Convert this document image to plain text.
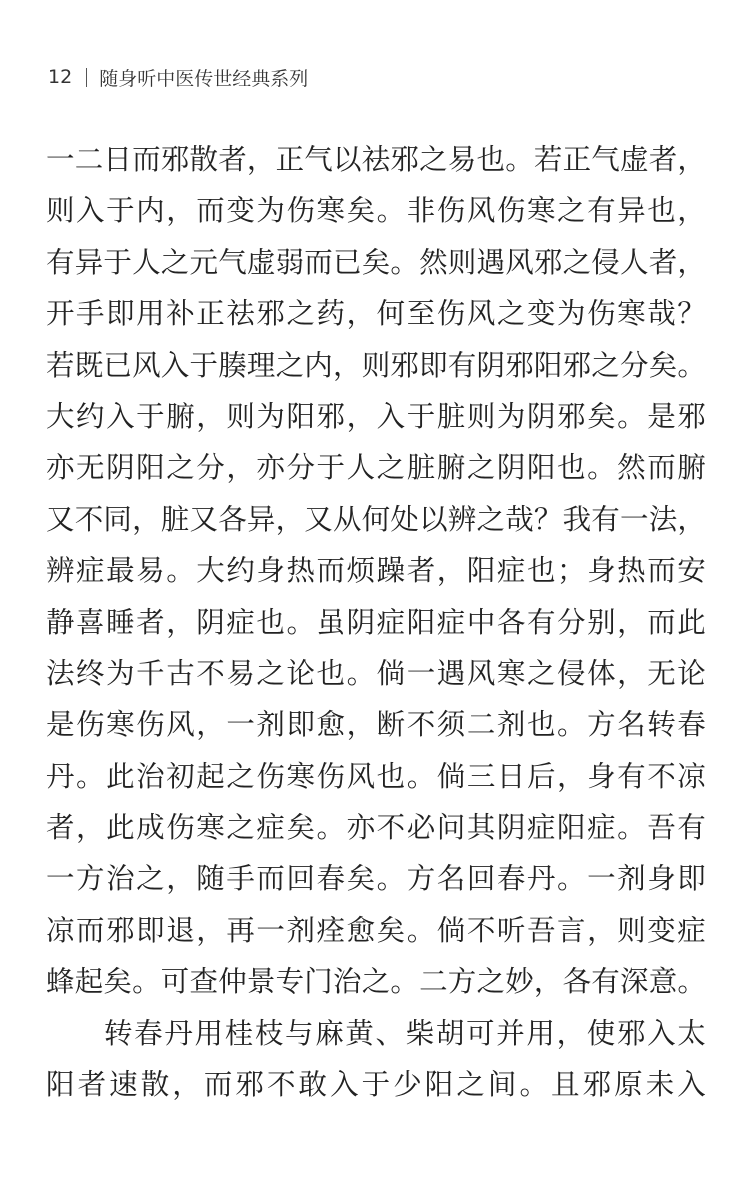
12 随身听中医传世经典系列
一二日而邪散者，正气以祛邪之易也。若正气虚者，
则入于内，而变为伤寒矣。非伤风伤寒之有异也，
有异于人之元气虚弱而已矣。然则遇风邪之侵人者，
开手即用补正祛邪之药，何至伤风之变为伤寒哉？
若既已风入于腠理之内，则邪即有阴邪阳邪之分矣。
大约入于腑，则为阳邪，入于脏则为阴邪矣。是邪
亦无阴阳之分，亦分于人之脏腑之阴阳也。然而腑
又不同，脏又各异，又从何处以辨之哉？我有一法，
辨症最易。大约身热而烦躁者，阳症也；身热而安
静喜睡者，阴症也。虽阴症阳症中各有分别，而此
法终为千古不易之论也。倘一遇风寒之侵体，无论
是伤寒伤风，一剂即愈，断不须二剂也。方名转春
丹。此治初起之伤寒伤风也。倘三日后，身有不凉
者，此成伤寒之症矣。亦不必问其阴症阳症。吾有
一方治之，随手而回春矣。方名回春丹。一剂身即
凉而邪即退，再一剂痊愈矣。倘不听吾言，则变症
蜂起矣。可查仲景专门治之。二方之妙，各有深意。
转春丹用桂枝与麻黄、柴胡可并用，使邪入太
阳者速散，而邪不敢入于少阳之间。且邪原未入
